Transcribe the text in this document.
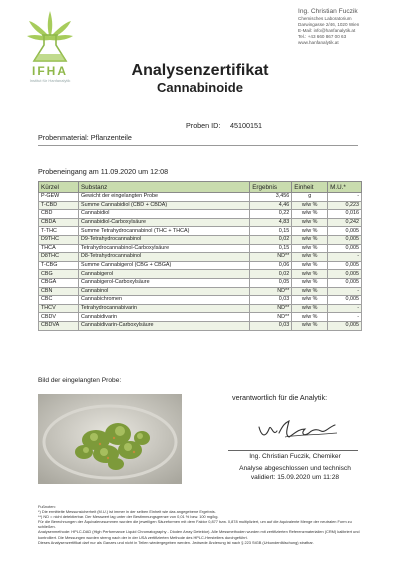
IFHA
Institut für Hanfanalytik
Ing. Christian Fuczik
Chemisches Laboratorium
Darwingasse 2/46, 1020 Wien
E-Mail: info@hanfanalytik.at
Tel.: +43 660 867 00 63
www.hanfanalytik.at
Analysenzertifikat
Cannabinoide
Proben ID: 45100151
Probenmaterial: Pflanzenteile
Probeneingang am 11.09.2020 um 12:08
Kürzel	Substanz	Ergebnis	Einheit	M.U.*
P-GEW	Gewicht der eingelangten Probe	3,456	g	-
T-CBD	Summe Cannabidiol (CBD + CBDA)	4,46	w/w %	0,223
CBD	Cannabidiol	0,22	w/w %	0,016
CBDA	Cannabidiol-Carboxylsäure	4,83	w/w %	0,242
T-THC	Summe Tetrahydrocannabinol (THC + THCA)	0,15	w/w %	0,005
D9THC	D9-Tetrahydrocannabinol	0,02	w/w %	0,005
THCA	Tetrahydrocannabinol-Carboxylsäure	0,15	w/w %	0,005
D8THC	D8-Tetrahydrocannabinol	ND**	w/w %	-
T-CBG	Summe Cannabigerol (CBG + CBGA)	0,06	w/w %	0,005
CBG	Cannabigerol	0,02	w/w %	0,005
CBGA	Cannabigerol-Carboxylsäure	0,05	w/w %	0,005
CBN	Cannabinol	ND**	w/w %	-
CBC	Cannabichromen	0,03	w/w %	0,005
THCV	Tetrahydrocannabivarin	ND**	w/w %	-
CBDV	Cannabidivarin	ND**	w/w %	-
CBDVA	Cannabidivarin-Carboxylsäure	0,03	w/w %	0,005
Bild der eingelangten Probe:
verantwortlich für die Analytik:
Ing. Christian Fuczik, Chemiker
Analyse abgeschlossen und technisch
validiert: 15.09.2020 um 11:28

Fußnoten:

*) Die ermittelte Messunsicherheit (M.U.) ist immer in der selben Einheit wie das angegebene Ergebnis.

**) ND = nicht detektierbar. Der Messwert lag unter der Bestimmungsgrenze von 0,01 % bzw. 100 mg/kg.

Für die Berechnungen der Äquivalenzsummen wurden die jeweiligen Säureformen mit dem Faktor 0,877 bzw. 0,878 multipliziert, um auf die äquivalente Menge der neutralen Form zu schließen.

Analysenmethode: HPLC-DAD (High Performance Liquid Chromatography - Dioden Array Detektor). Alle Messmethoden wurden mit zertifizierten Referenzmaterialien (CRM) kalibriert und kontrolliert. Die Messungen wurden streng nach der in der USA zertifizierten Methode des HPLC-Herstellers durchgeführt.

Dieses Analysenzertifikat darf nur als Ganzes und nicht in Teilen wiedergegeben werden. Jedwede Änderung ist nach § 223 StGB (Urkundenfälschung) strafbar.
